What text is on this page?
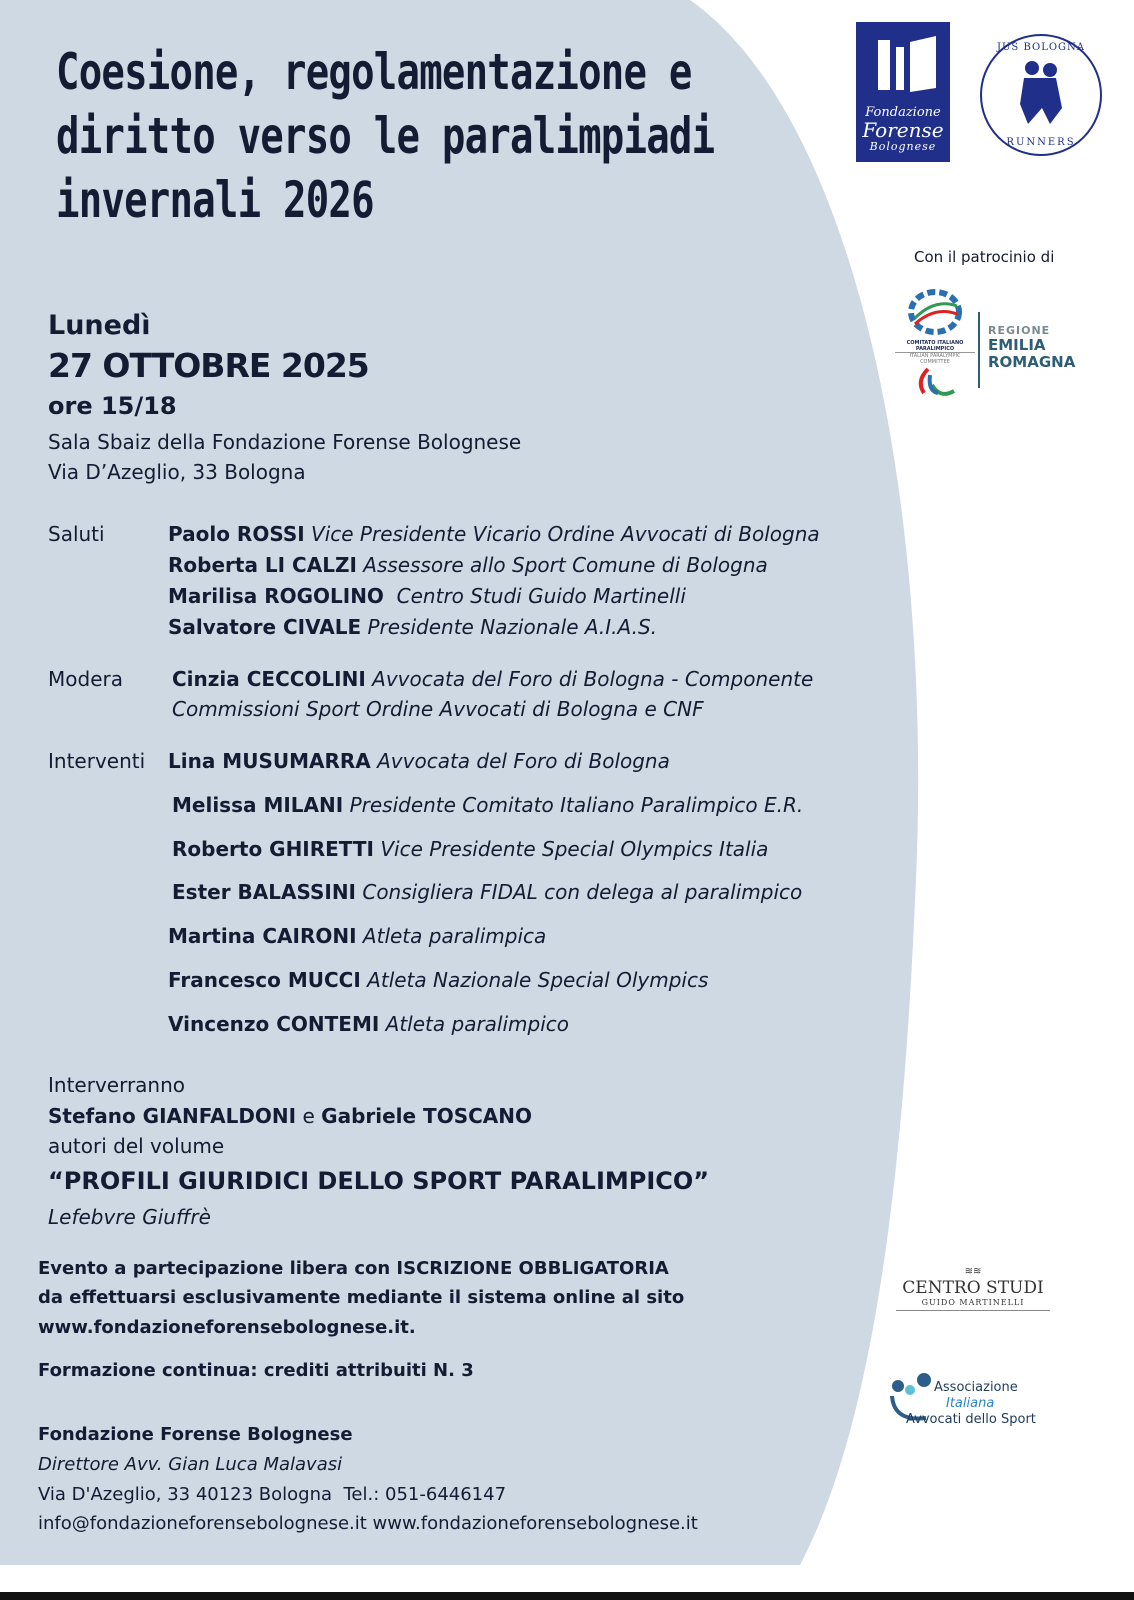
Coesione, regolamentazione e
diritto verso le paralimpiadi
invernali 2026
Lunedì
27 OTTOBRE 2025
ore 15/18
Sala Sbaiz della Fondazione Forense Bolognese
Via D’Azeglio, 33 Bologna
Saluti	Paolo ROSSI Vice Presidente Vicario Ordine Avvocati di Bologna
Roberta LI CALZI Assessore allo Sport Comune di Bologna
Marilisa ROGOLINO Centro Studi Guido Martinelli
Salvatore CIVALE Presidente Nazionale A.I.A.S.
Modera Cinzia CECCOLINI Avvocata del Foro di Bologna - Componente
Commissioni Sport Ordine Avvocati di Bologna e CNF
Interventi Lina MUSUMARRA Avvocata del Foro di Bologna
Melissa MILANI Presidente Comitato Italiano Paralimpico E.R.
Roberto GHIRETTI Vice Presidente Special Olympics Italia
Ester BALASSINI Consigliera FIDAL con delega al paralimpico
Martina CAIRONI Atleta paralimpica
Francesco MUCCI Atleta Nazionale Special Olympics
Vincenzo CONTEMI Atleta paralimpico
Interverranno
Stefano GIANFALDONI e Gabriele TOSCANO
autori del volume
“PROFILI GIURIDICI DELLO SPORT PARALIMPICO”
Lefebvre Giuffrè
Evento a partecipazione libera con ISCRIZIONE OBBLIGATORIA
da effettuarsi esclusivamente mediante il sistema online al sito
www.fondazioneforensebolognese.it.
Formazione continua: crediti attribuiti N. 3
Fondazione Forense Bolognese
Direttore Avv. Gian Luca Malavasi
Via D'Azeglio, 33 40123 Bologna  Tel.: 051-6446147
info@fondazioneforensebolognese.it www.fondazioneforensebolognese.it
Fondazione
Forense
Bolognese
JUS BOLOGNA
RUNNERS
Con il patrocinio di
COMITATO ITALIANO PARALIMPICO
ITALIAN PARALYMPIC COMMITTEE
REGIONE
EMILIA
ROMAGNA
≋≋
CENTRO STUDI
GUIDO MARTINELLI
Associazione
Italiana
Avvocati dello Sport
